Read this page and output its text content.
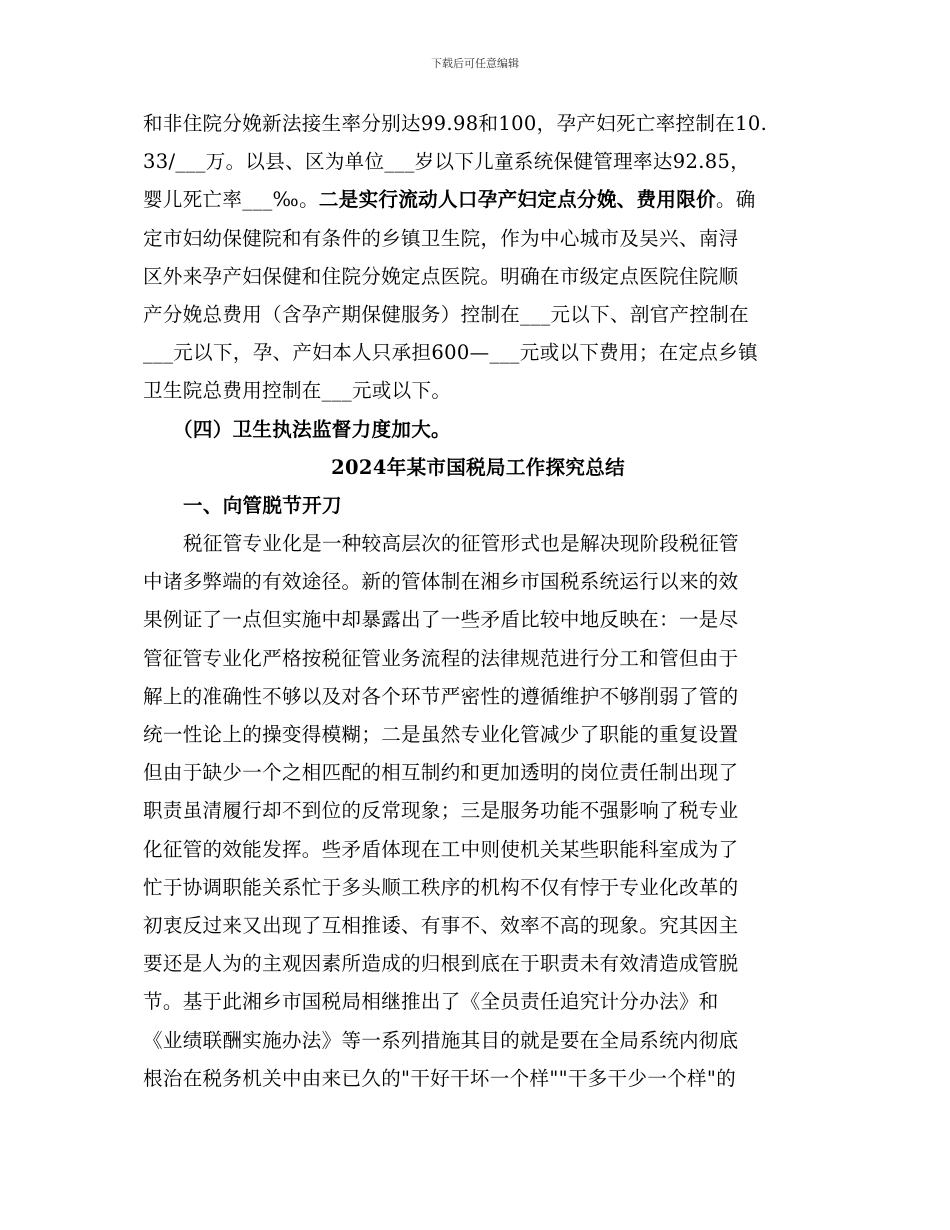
下载后可任意编辑
和非住院分娩新法接生率分别达99.98和100，孕产妇死亡率控制在10.
33/___万。以县、区为单位___岁以下儿童系统保健管理率达92.85，
婴儿死亡率___‰。二是实行流动人口孕产妇定点分娩、费用限价。确
定市妇幼保健院和有条件的乡镇卫生院，作为中心城市及吴兴、南浔
区外来孕产妇保健和住院分娩定点医院。明确在市级定点医院住院顺
产分娩总费用（含孕产期保健服务）控制在___元以下、剖官产控制在
___元以下，孕、产妇本人只承担600—___元或以下费用；在定点乡镇
卫生院总费用控制在___元或以下。
（四）卫生执法监督力度加大。
2024年某市国税局工作探究总结
一、向管脱节开刀
税征管专业化是一种较高层次的征管形式也是解决现阶段税征管
中诸多弊端的有效途径。新的管体制在湘乡市国税系统运行以来的效
果例证了一点但实施中却暴露出了一些矛盾比较中地反映在：一是尽
管征管专业化严格按税征管业务流程的法律规范进行分工和管但由于
解上的准确性不够以及对各个环节严密性的遵循维护不够削弱了管的
统一性论上的操变得模糊；二是虽然专业化管减少了职能的重复设置
但由于缺少一个之相匹配的相互制约和更加透明的岗位责任制出现了
职责虽清履行却不到位的反常现象；三是服务功能不强影响了税专业
化征管的效能发挥。些矛盾体现在工中则使机关某些职能科室成为了
忙于协调职能关系忙于多头顺工秩序的机构不仅有悖于专业化改革的
初衷反过来又出现了互相推诿、有事不、效率不高的现象。究其因主
要还是人为的主观因素所造成的归根到底在于职责未有效清造成管脱
节。基于此湘乡市国税局相继推出了《全员责任追究计分办法》和
《业绩联酬实施办法》等一系列措施其目的就是要在全局系统内彻底
根治在税务机关中由来已久的"干好干坏一个样""干多干少一个样"的
